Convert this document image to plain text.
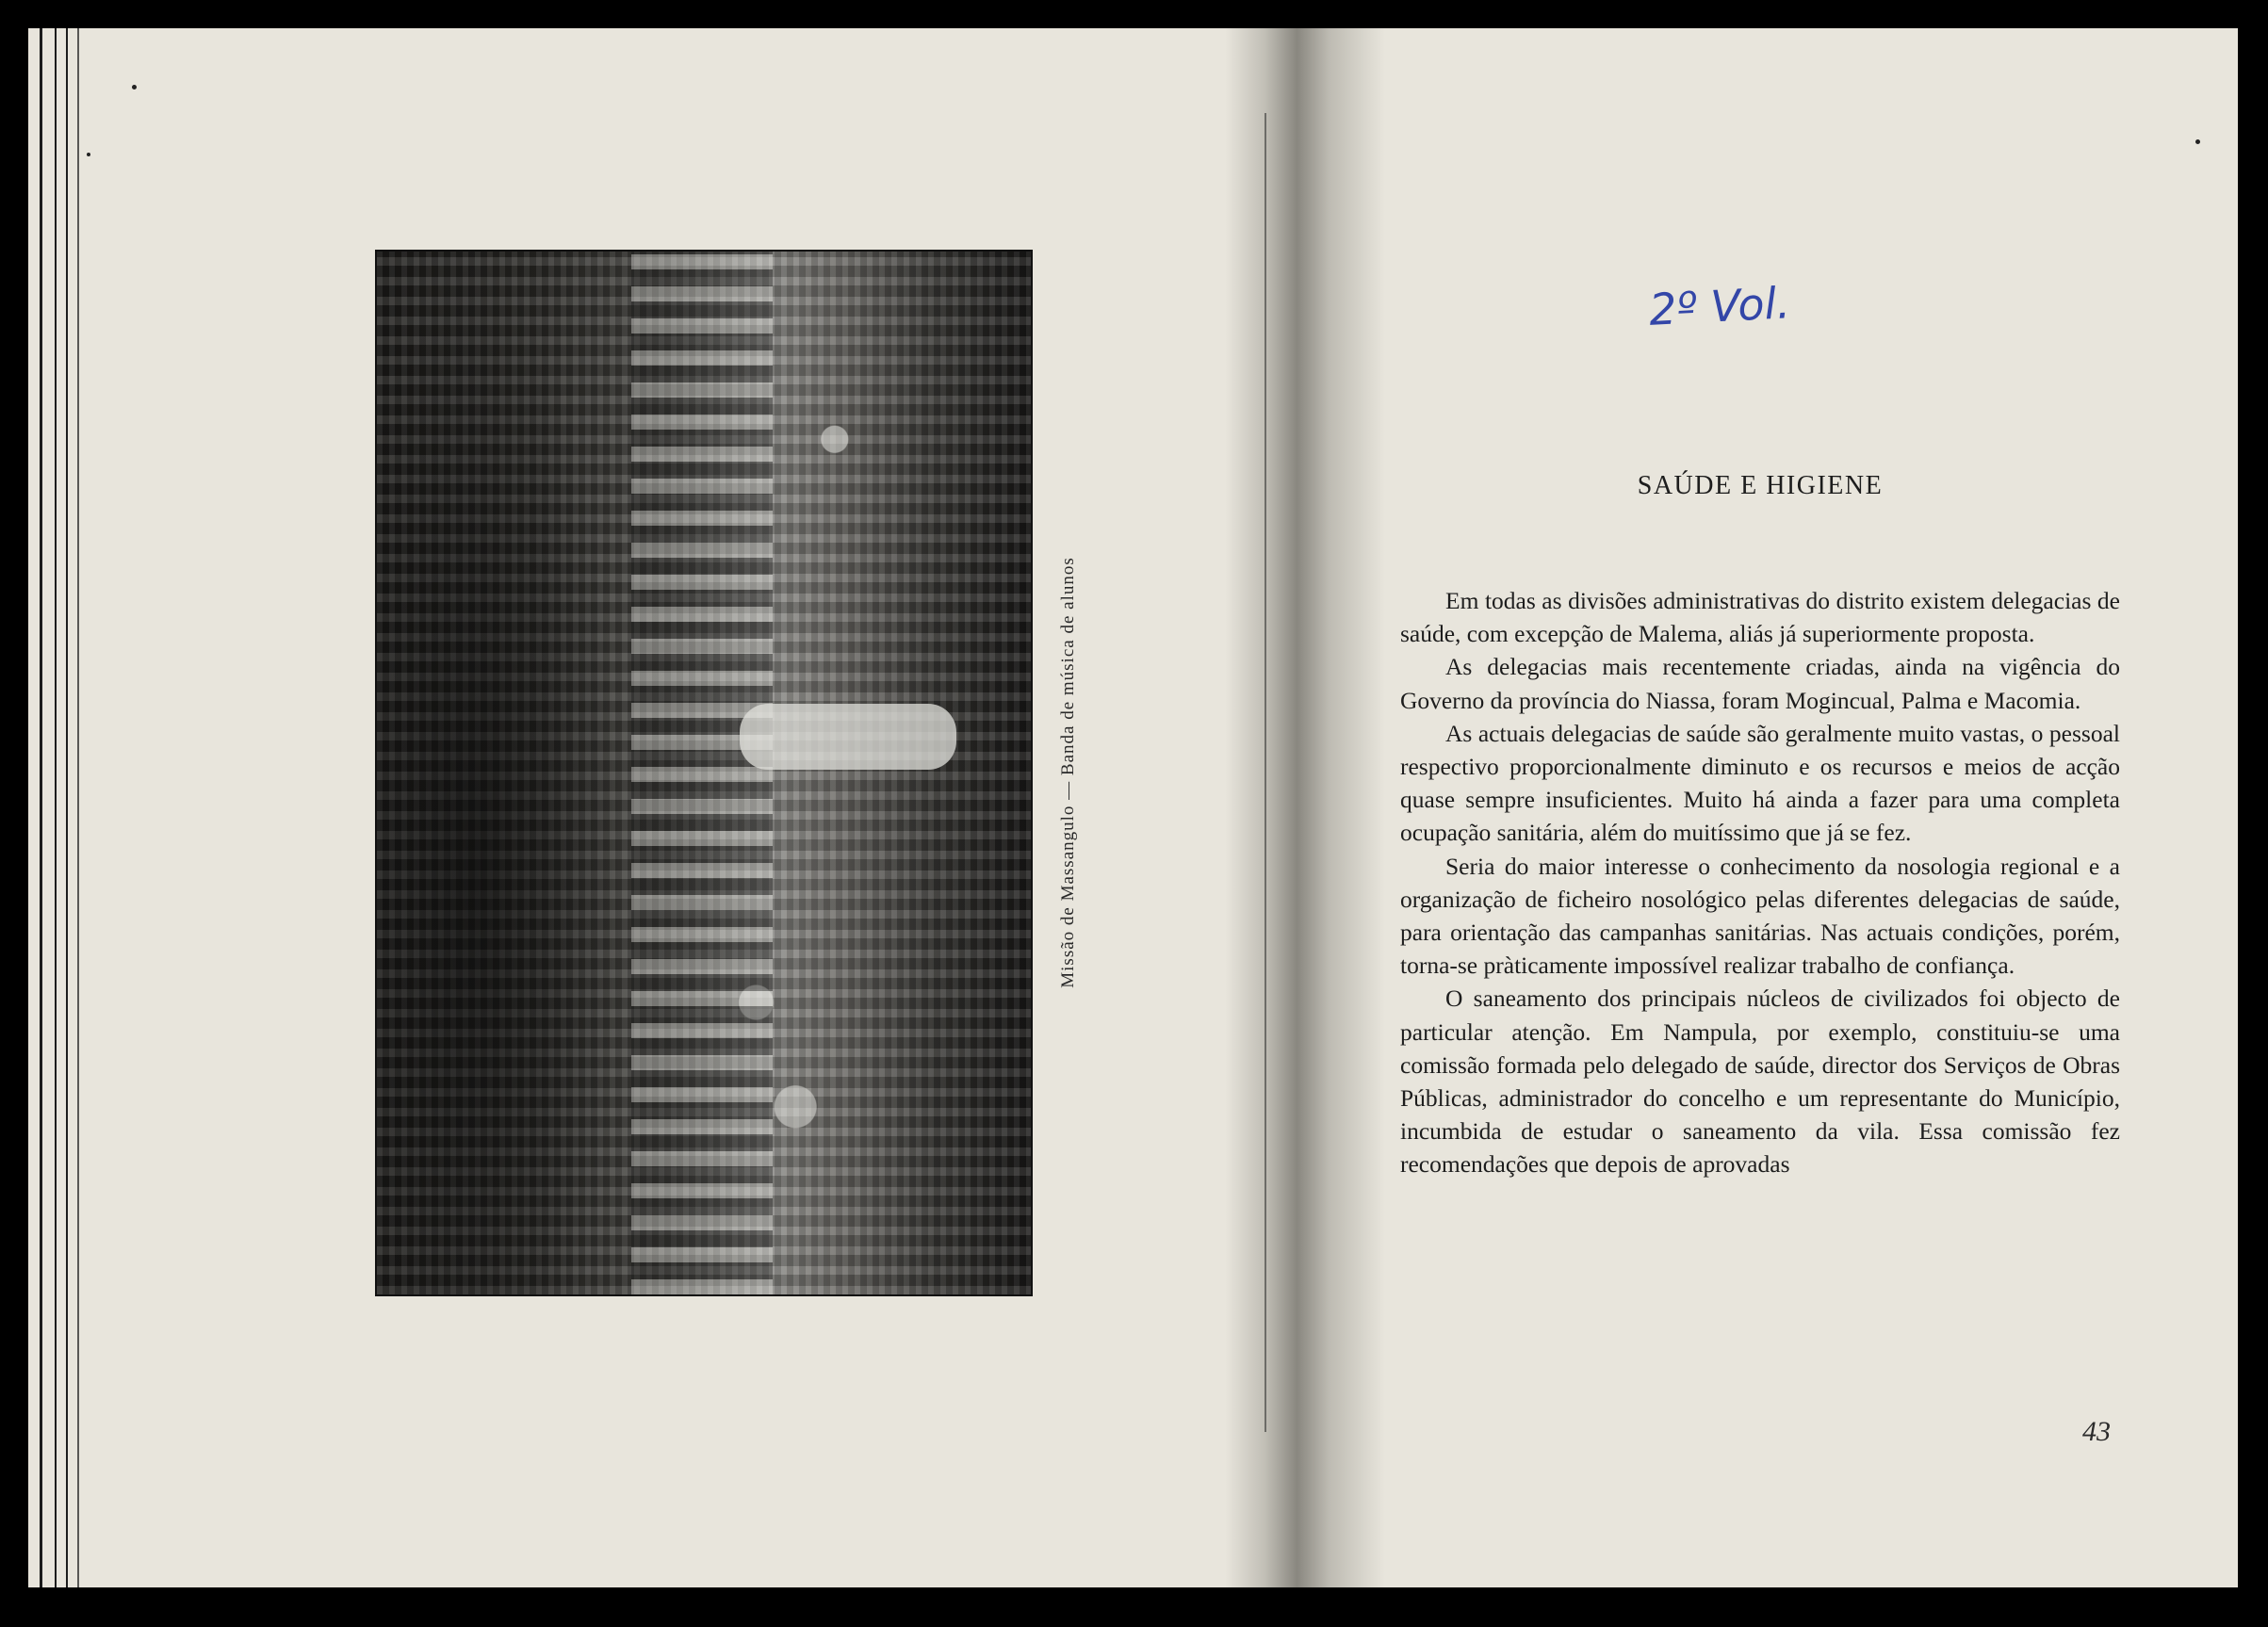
Missão de Massangulo — Banda de música de alunos
2º Vol.
SAÚDE E HIGIENE

Em todas as divisões administrativas do distrito existem delegacias de saúde, com excepção de Malema, aliás já superiormente proposta.

As delegacias mais recentemente criadas, ainda na vigência do Governo da província do Niassa, foram Mogincual, Palma e Macomia.

As actuais delegacias de saúde são geralmente muito vastas, o pessoal respectivo proporcionalmente diminuto e os recursos e meios de acção quase sempre insuficientes. Muito há ainda a fazer para uma completa ocupação sanitária, além do muitíssimo que já se fez.

Seria do maior interesse o conhecimento da nosologia regional e a organização de ficheiro nosológico pelas diferentes delegacias de saúde, para orientação das campanhas sanitárias. Nas actuais condições, porém, torna-se pràticamente impossível realizar trabalho de confiança.

O saneamento dos principais núcleos de civilizados foi objecto de particular atenção. Em Nampula, por exemplo, constituiu-se uma comissão formada pelo delegado de saúde, director dos Serviços de Obras Públicas, administrador do concelho e um representante do Município, incumbida de estudar o saneamento da vila. Essa comissão fez recomendações que depois de aprovadas

43
